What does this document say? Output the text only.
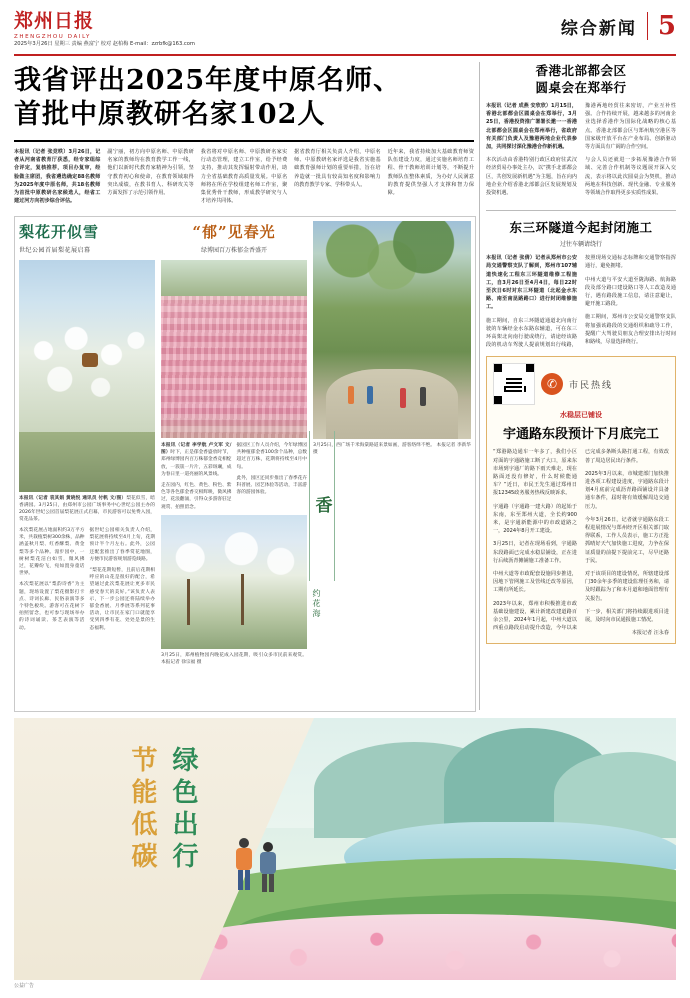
郑州日报
ZHENGZHOU DAILY
2025年3月26日 星期三 责编 燕富宁 校对 赵柏梅 E-mail：zzrbfk@163.com
综合新闻 5
我省评出2025年度中原名师、
首批中原教研名家102人

本报讯（记者 张竞昳）3月26日，记者从河南省教育厅获悉，经专家组综合评定，复核推荐，项目办复审，经验做主席团，我省遴选确定88名教师为2025年度中原名师，共18名教师为首批中原教研名家候选人，经省工建过河方向初步综合评估。

副宁丽，初方向中原名师、中原教研名家的教师均在教育教学工作一线，他们以新时代教育家精神为引领，坚守教育初心和使命，在教育领域取得突出成绩，在教书育人、科研攻关等方面发挥了示范引领作用。

我省将对中原名师、中原教研名家实行动态管理，建立工作室，给予经费支持，推动其发挥辐射带动作用，助力全省基础教育高质量发展。中原名师将在所在学校组建名师工作室，聚集优秀骨干教师，形成教学研究与人才培养共同体。

据省教育厅相关负责人介绍，中原名师、中原教研名家评选是我省实施基础教育强师计划的重要举措，旨在培养造就一批具有较高知名度和影响力的教育教学专家、学科带头人。

近年来，我省持续加大基础教育师资队伍建设力度，通过实施名师培育工程、骨干教师培训计划等，不断提升教师队伍整体素质，为办好人民满意的教育提供坚强人才支撑和智力保障。

梨花开似雪
世纪公园首届梨花展启幕
本报讯（记者 袁其娟 黄晓悦 通讯员 付帆 文/图）梨花似雪，暗香满园。3月25日，由郑州市公园广场事务中心世纪公园主办的2026年世纪公园首届梨花展正式启幕，市民游客可以免费入园，赏花品茶。

本次梨花展占地面积约3万平方米，共栽植梨树300余株，品种涵盖秋月梨、红香酥梨、黄金梨等多个品种。漫步园中，一树树梨花洁白如雪，微风拂过，花瓣纷飞，宛如置身童话世界。

本次梨花展以“梨韵诗香”为主题，现场设置了梨花摄影打卡点、诗词长廊、民俗表演等多个特色板块。游客可在花树下拍照留念，也可参与现场举办的诗词诵读、茶艺表演等活动。

据世纪公园相关负责人介绍，梨花展将持续至4月上旬，花期预计半个月左右。此外，公园还配套推出了春季赏花地图，方便市民游客规划游览线路。

“梨花花期短暂，且前后花期相呼应的山花是很好的配合，希望通过此次梨花展让更多市民感受春天的美好。”该负责人表示，下一步公园还将陆续举办郁金香展、月季展等系列花事活动，让市民在家门口就能享受到四季有花、处处是景的生态福利。

“郁”见春光
绿博园百万株郁金香盛开

本报讯（记者 李学航 卢文军 文/图）时下，正是郁金香盛放时节，郑州绿博园内百万株郁金香竞相绽放，一簇簇一片片，五彩斑斓，成为春日里一道亮丽的风景线。

走在园内，红色、黄色、粉色、紫色等各色郁金香交相辉映，微风拂过，花浪翻涌，引得众多游客驻足观赏、拍照留念。

据园区工作人员介绍，今年绿博园共种植郁金香100余个品种，总数超过百万株，花期将持续至4月中旬。

此外，园区还同步推出了春季花卉科普展、园艺体验等活动，丰富游客的游园体验。

3月25日，郑州植物园内晚花成入园花期，吸引众多市民前来观赏。 本报记者 徐宗福 摄
3月25日，西广场千米海棠路道来景如画，游客络绎不绝。 本报记者 李新华 摄
香
约花海
香港北部都会区
圆桌会在郑举行

本报讯（记者 成燕 安欣欣）1月15日，香港北部都会区圆桌会在郑举行，3月25日，香港投资推广署署长邀一一香港北部都会区圆桌会在郑州举行，省政府有关部门负责人及豫港两地企业代表参加，共同探讨深化豫港合作新机遇。

本次活动由香港特别行政区政府驻武汉经济贸易办事处主办，以“携手北部都会区，共创发展新机遇”为主题，旨在向内地企业介绍香港北部都会区发展规划及投资机遇。

豫港两地经贸往来密切，产业互补性强。合作持续开展，越来越多的河南企业选择香港作为国际化战略的核心基点。香港北部都会区与郑州航空港区等国家级开放平台在产业布局、创新驱动等方面具有广阔的合作空间。

与会人员还就进一步拓展豫港合作领域、完善合作机制等议题展开深入交流，表示将以此次圆桌会为契机，推动两地在科技创新、现代金融、专业服务等领域合作取得更多实质性成果。

东三环隧道今起封闭施工
过往车辆请绕行

本报讯（记者 张倩）记者从郑州市公安局交通警察支队了解到，郑州市107辅道快速化工程东三环隧道维修工程施工，自3月26日至4月4日，每日22时至次日6时对东三环隧道（北起金水东路、南至南昆路路口）进行封闭维修施工。

施工期间，自东三环隧道通道北向南行驶的车辆经金水东路东辅道，可在东三环高架北向南行驶或绕行，请途经该路段的机动车驾驶人提前规划出行线路，按照现场交通标志标牌和交通警察指挥通行，避免拥堵。

中州大道与平安大道至陇海路、航海路段及部分路口建设路口等人工改造及通行，遇有路段施工信息，请注意避让，避开施工路段。

施工期间，郑州市公安局交通警察支队将加强该路段的交通组织和疏导工作，提醒广大驾驶员朋友合理安排出行时间和路线，尽量选择绕行。

✆	市民热线
水稳层已铺设
宇通路东段预计下月底完工

“郑港路边通车一年多了，我们小区对面的宇通路施工断了大口，原来东市场到宇通厂的路下雨天难走，现在路面还没有修好，什么时候能通车？”近日，市民王先生通过郑州日报12345政务服务热线反映诉求。

宇通路（宇通路一建大路）的起始于东南，东至郑州大道，全长约900米，是宇通新能源中的市政道路之一，2024年8月开工建设。

3月25日，记者在现场看到，宇通路东段路面已完成水稳层铺设，正在进行后续沥青摊铺施工准备工作。

中州大道等市政配套设施同步推进，因地下管网施工及管线迁改等原因，工期有所延长。

2023年以来，郑州市积极推进市政基础设施建设，累计新建改建道路百余公里，2024年1月起，中州大道以西重点路段启动提升改造，今年以来已完成多条断头路打通工程，有效改善了周边居民出行条件。

2025年3月以来，市城建部门加快推进各项工程建设进度，宇通路东段计划4月底前完成沥青路面铺设并具备通车条件，届时将有效缓解周边交通压力。

今年3月26日，记者就宇通路东段工程进展情况与郑州经开区相关部门取得联系，工作人员表示，施工方正抢抓晴好天气加快施工进度，力争在保证质量的前提下提前完工，尽早还路于民。

对于该项目的建设情况，所辖建设部门30余年多季的建设监理任务和，请及时跟踪为了和本月道和地面管理有关报告。

下一步，相关部门将持续跟进项目进展，及时向市民通报施工情况。

本报记者 汪永春

节能低碳 绿色出行
公益广告
